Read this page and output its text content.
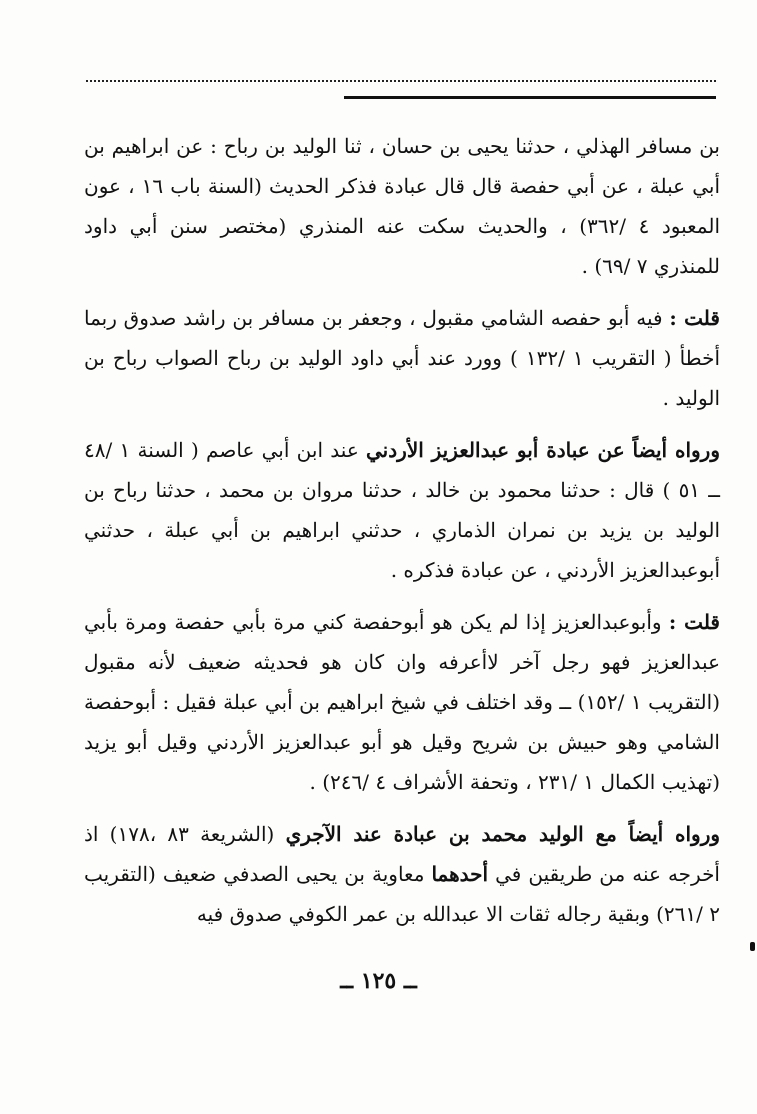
بن مسافر الهذلي ، حدثنا يحيى بن حسان ، ثنا الوليد بن رباح : عن ابراهيم بن أبي عبلة ، عن أبي حفصة قال قال عبادة فذكر الحديث (السنة باب ١٦ ، عون المعبود ٤ /٣٦٢) ، والحديث سكت عنه المنذري (مختصر سنن أبي داود للمنذري ٧ /٦٩) .

قلت : فيه أبو حفصه الشامي مقبول ، وجعفر بن مسافر بن راشد صدوق ربما أخطأ ( التقريب ١ /١٣٢ ) وورد عند أبي داود الوليد بن رباح الصواب رباح بن الوليد .

ورواه أيضاً عن عبادة أبو عبدالعزيز الأردني عند ابن أبي عاصم ( السنة ١ /٤٨ ــ ٥١ ) قال : حدثنا محمود بن خالد ، حدثنا مروان بن محمد ، حدثنا رباح بن الوليد بن يزيد بن نمران الذماري ، حدثني ابراهيم بن أبي عبلة ، حدثني أبوعبدالعزيز الأردني ، عن عبادة فذكره .

قلت : وأبوعبدالعزيز إذا لم يكن هو أبوحفصة كني مرة بأبي حفصة ومرة بأبي عبدالعزيز فهو رجل آخر لاأعرفه وان كان هو فحديثه ضعيف لأنه مقبول (التقريب ١ /١٥٢) ــ وقد اختلف في شيخ ابراهيم بن أبي عبلة فقيل : أبوحفصة الشامي وهو حبيش بن شريح وقيل هو أبو عبدالعزيز الأردني وقيل أبو يزيد (تهذيب الكمال ١ /٢٣١ ، وتحفة الأشراف ٤ /٢٤٦) .

ورواه أيضاً مع الوليد محمد بن عبادة عند الآجري (الشريعة ٨٣ ،١٧٨) اذ أخرجه عنه من طريقين في أحدهما معاوية بن يحيى الصدفي ضعيف (التقريب ٢ /٢٦١) وبقية رجاله ثقات الا عبدالله بن عمر الكوفي صدوق فيه

ــ ١٢٥ ــ
